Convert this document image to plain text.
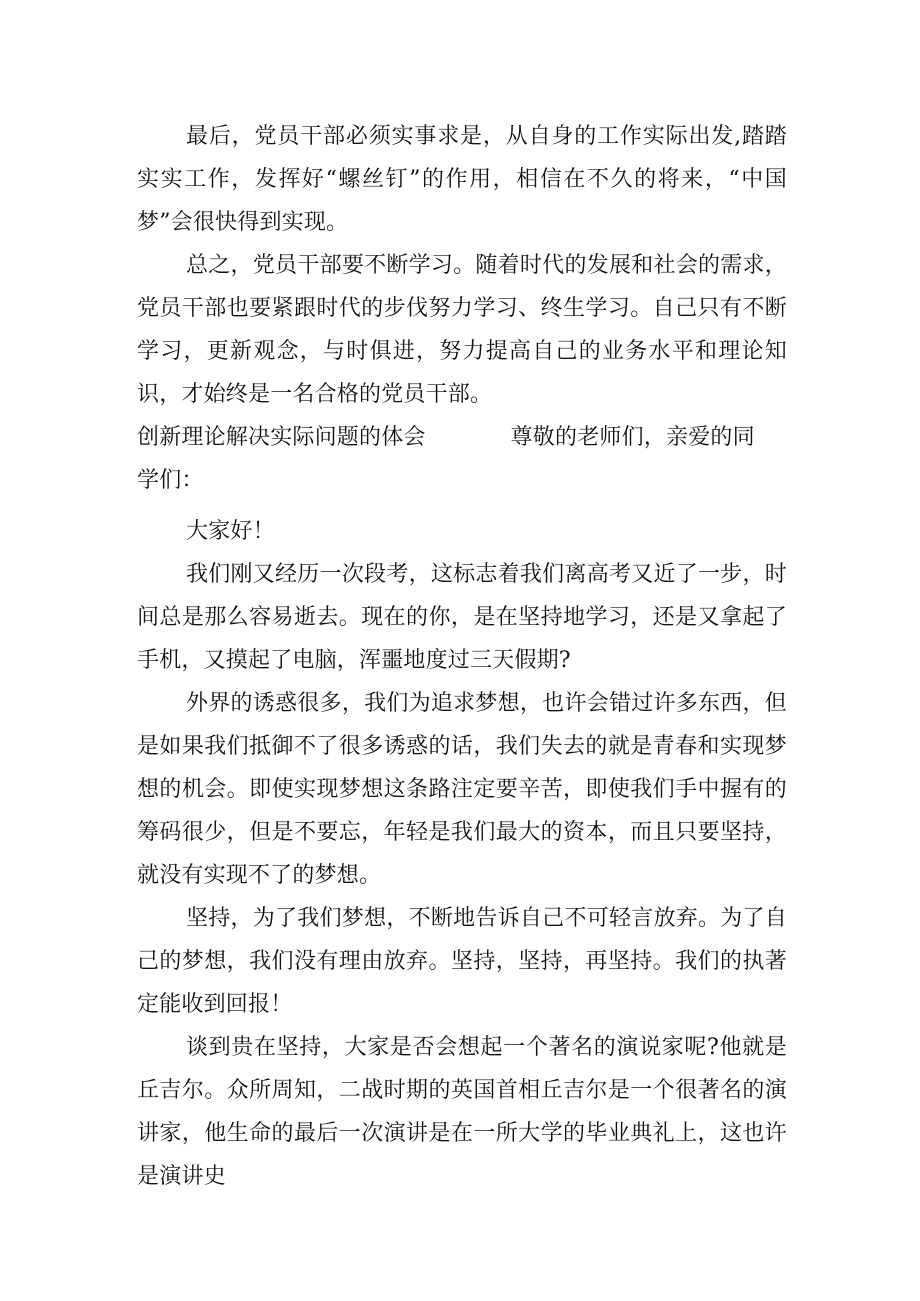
最后，党员干部必须实事求是，从自身的工作实际出发,踏踏实实工作，发挥好“螺丝钉”的作用，相信在不久的将来，“中国梦”会很快得到实现。

总之，党员干部要不断学习。随着时代的发展和社会的需求，党员干部也要紧跟时代的步伐努力学习、终生学习。自己只有不断学习，更新观念，与时俱进，努力提高自己的业务水平和理论知识，才始终是一名合格的党员干部。

创新理论解决实际问题的体会	尊敬的老师们，亲爱的同

学们：

大家好！

我们刚又经历一次段考，这标志着我们离高考又近了一步，时间总是那么容易逝去。现在的你，是在坚持地学习，还是又拿起了手机，又摸起了电脑，浑噩地度过三天假期?

外界的诱惑很多，我们为追求梦想，也许会错过许多东西，但是如果我们抵御不了很多诱惑的话，我们失去的就是青春和实现梦想的机会。即使实现梦想这条路注定要辛苦，即使我们手中握有的筹码很少，但是不要忘，年轻是我们最大的资本，而且只要坚持，就没有实现不了的梦想。

坚持，为了我们梦想，不断地告诉自己不可轻言放弃。为了自己的梦想，我们没有理由放弃。坚持，坚持，再坚持。我们的执著定能收到回报！

谈到贵在坚持，大家是否会想起一个著名的演说家呢?他就是丘吉尔。众所周知，二战时期的英国首相丘吉尔是一个很著名的演讲家，他生命的最后一次演讲是在一所大学的毕业典礼上，这也许是演讲史
